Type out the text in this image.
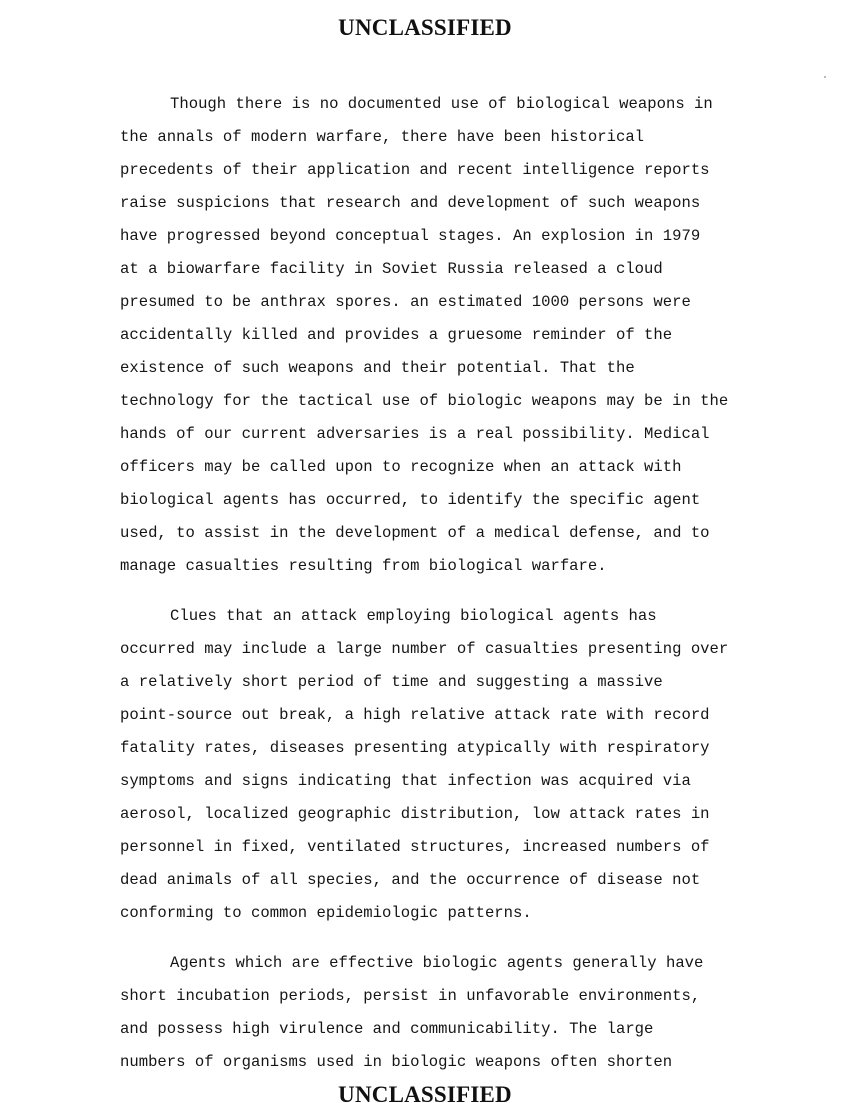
UNCLASSIFIED

Though there is no documented use of biological weapons in
the annals of modern warfare, there have been historical
precedents of their application and recent intelligence reports
raise suspicions that research and development of such weapons
have progressed beyond conceptual stages. An explosion in 1979
at a biowarfare facility in Soviet Russia released a cloud
presumed to be anthrax spores. an estimated 1000 persons were
accidentally killed and provides a gruesome reminder of the
existence of such weapons and their potential. That the
technology for the tactical use of biologic weapons may be in the
hands of our current adversaries is a real possibility. Medical
officers may be called upon to recognize when an attack with
biological agents has occurred, to identify the specific agent
used, to assist in the development of a medical defense, and to
manage casualties resulting from biological warfare.

Clues that an attack employing biological agents has
occurred may include a large number of casualties presenting over
a relatively short period of time and suggesting a massive
point-source out break, a high relative attack rate with record
fatality rates, diseases presenting atypically with respiratory
symptoms and signs indicating that infection was acquired via
aerosol, localized geographic distribution, low attack rates in
personnel in fixed, ventilated structures, increased numbers of
dead animals of all species, and the occurrence of disease not
conforming to common epidemiologic patterns.

Agents which are effective biologic agents generally have
short incubation periods, persist in unfavorable environments,
and possess high virulence and communicability. The large
numbers of organisms used in biologic weapons often shorten

UNCLASSIFIED
